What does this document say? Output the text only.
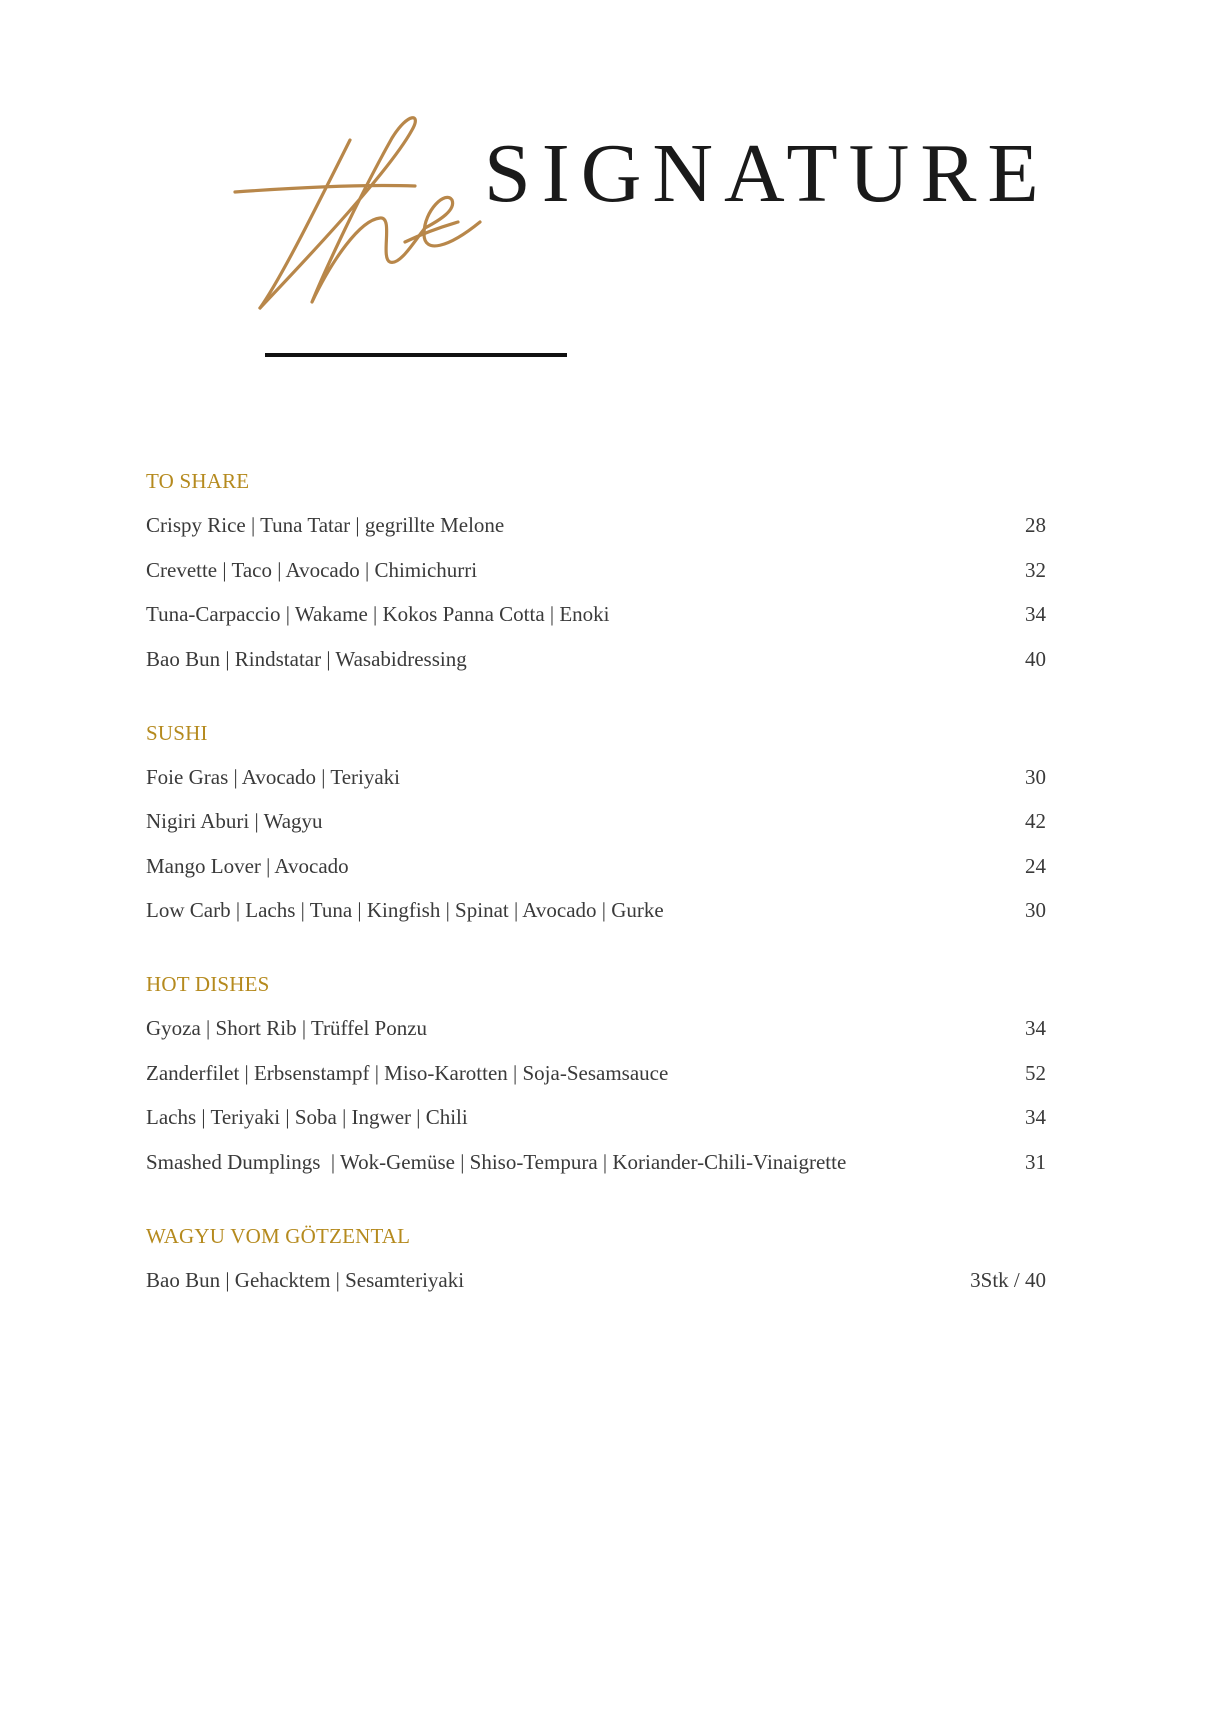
SIGNATURE
TO SHARE
Crispy Rice | Tuna Tatar | gegrillte Melone	28
Crevette | Taco | Avocado | Chimichurri	32
Tuna-Carpaccio | Wakame | Kokos Panna Cotta | Enoki	34
Bao Bun | Rindstatar | Wasabidressing	40
SUSHI
Foie Gras | Avocado | Teriyaki	30
Nigiri Aburi | Wagyu	42
Mango Lover | Avocado	24
Low Carb | Lachs | Tuna | Kingfish | Spinat | Avocado | Gurke	30
HOT DISHES
Gyoza | Short Rib | Trüffel Ponzu	34
Zanderfilet | Erbsenstampf | Miso-Karotten | Soja-Sesamsauce	52
Lachs | Teriyaki | Soba | Ingwer | Chili	34
Smashed Dumplings  | Wok-Gemüse | Shiso-Tempura | Koriander-Chili-Vinaigrette	31
WAGYU VOM GÖTZENTAL
Bao Bun | Gehacktem | Sesamteriyaki	3Stk / 40
